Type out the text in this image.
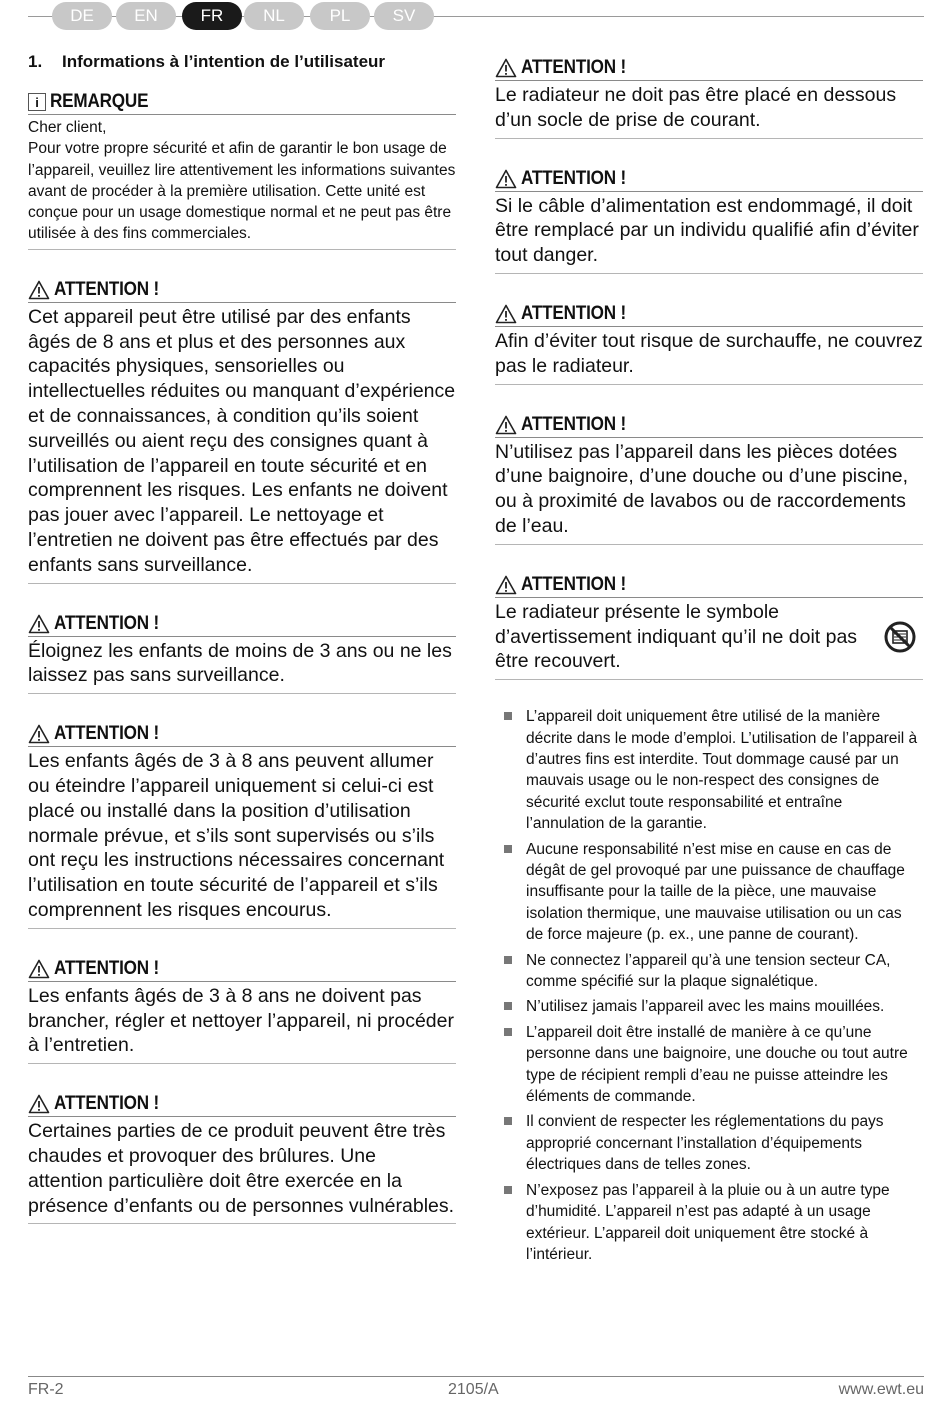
DE	EN	FR	NL	PL	SV
1.	Informations à l’intention de l’utilisateur
i REMARQUE
Cher client,
Pour votre propre sécurité et afin de garantir le bon usage de l’appareil, veuillez lire attentivement les informations suivantes avant de procéder à la première utilisation. Cette unité est conçue pour un usage domestique normal et ne peut pas être utilisée à des fins commerciales.
ATTENTION !
Cet appareil peut être utilisé par des enfants âgés de 8 ans et plus et des personnes aux capacités physiques, sensorielles ou intellectuelles réduites ou manquant d’expérience et de connaissances, à condition qu’ils soient surveillés ou aient reçu des consignes quant à l’utilisation de l’appareil en toute sécurité et en comprennent les risques. Les enfants ne doivent pas jouer avec l’appareil. Le nettoyage et l’entretien ne doivent pas être effectués par des enfants sans surveillance.
ATTENTION !
Éloignez les enfants de moins de 3 ans ou ne les laissez pas sans surveillance.
ATTENTION !
Les enfants âgés de 3 à 8 ans peuvent allumer ou éteindre l’appareil uniquement si celui-ci est placé ou installé dans la position d’utilisation normale prévue, et s’ils sont supervisés ou s’ils ont reçu les instructions nécessaires concernant l’utilisation en toute sécurité de l’appareil et s’ils comprennent les risques encourus.
ATTENTION !
Les enfants âgés de 3 à 8 ans ne doivent pas brancher, régler et nettoyer l’appareil, ni procéder à l’entretien.
ATTENTION !
Certaines parties de ce produit peuvent être très chaudes et provoquer des brûlures. Une attention particulière doit être exercée en la présence d’enfants ou de personnes vulnérables.
ATTENTION !
Le radiateur ne doit pas être placé en dessous d’un socle de prise de courant.
ATTENTION !
Si le câble d’alimentation est endommagé, il doit être remplacé par un individu qualifié afin d’éviter tout danger.
ATTENTION !
Afin d’éviter tout risque de surchauffe, ne couvrez pas le radiateur.
ATTENTION !
N’utilisez pas l’appareil dans les pièces dotées d’une baignoire, d’une douche ou d’une piscine, ou à proximité de lavabos ou de raccordements de l’eau.
ATTENTION !
Le radiateur présente le symbole d’avertissement indiquant qu’il ne doit pas être recouvert.
L’appareil doit uniquement être utilisé de la manière décrite dans le mode d’emploi. L’utilisation de l’appareil à d’autres fins est interdite. Tout dommage causé par un mauvais usage ou le non-respect des consignes de sécurité exclut toute responsabilité et entraîne l’annulation de la garantie.
Aucune responsabilité n’est mise en cause en cas de dégât de gel provoqué par une puissance de chauffage insuffisante pour la taille de la pièce, une mauvaise isolation thermique, une mauvaise utilisation ou un cas de force majeure (p. ex., une panne de courant).
Ne connectez l’appareil qu’à une tension secteur CA, comme spécifié sur la plaque signalétique.
N’utilisez jamais l’appareil avec les mains mouillées.
L’appareil doit être installé de manière à ce qu’une personne dans une baignoire, une douche ou tout autre type de récipient rempli d’eau ne puisse atteindre les éléments de commande.
Il convient de respecter les réglementations du pays approprié concernant l’installation d’équipements électriques dans de telles zones.
N’exposez pas l’appareil à la pluie ou à un autre type d’humidité. L’appareil n’est pas adapté à un usage extérieur. L’appareil doit uniquement être stocké à l’intérieur.
FR-2	2105/A	www.ewt.eu
